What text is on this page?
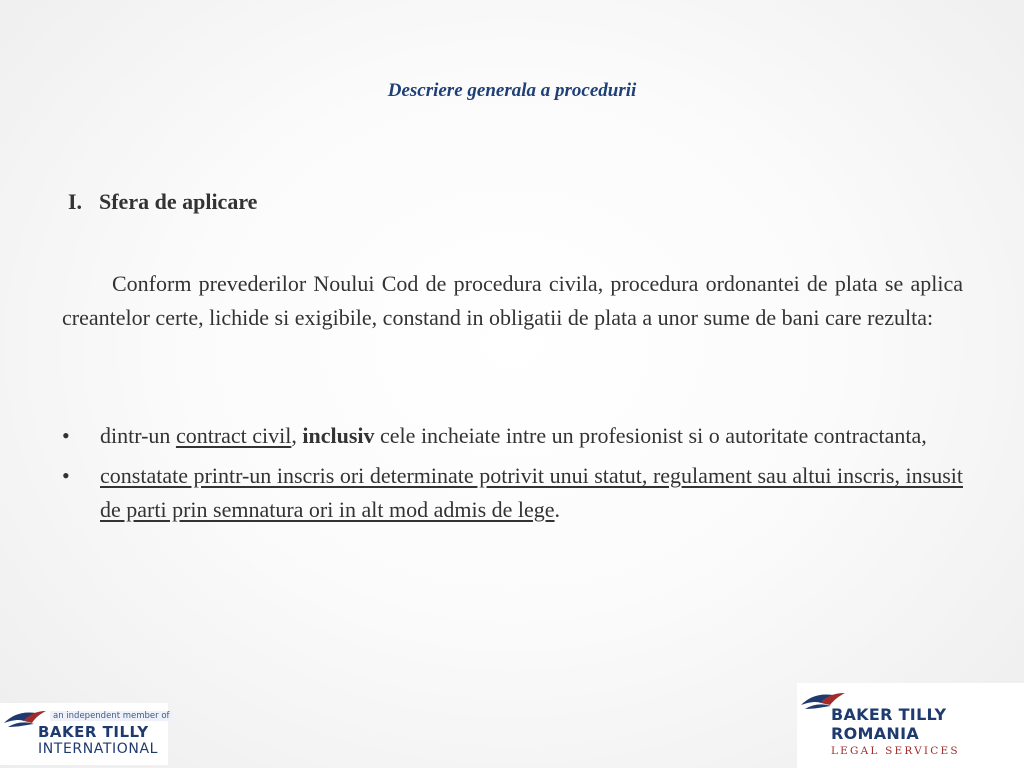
Descriere generala a procedurii
I. Sfera de aplicare

Conform prevederilor Noului Cod de procedura civila, procedura ordonantei de plata se aplica creantelor certe, lichide si exigibile, constand in obligatii de plata a unor sume de bani care rezulta:

•	dintr-un contract civil, inclusiv cele incheiate intre un profesionist si o autoritate contractanta,
•	constatate printr-un inscris ori determinate potrivit unui statut, regulament sau altui inscris, insusit de parti prin semnatura ori in alt mod admis de lege.
an independent member of
BAKER TILLY
INTERNATIONAL
BAKER TILLY
ROMANIA
LEGAL SERVICES
